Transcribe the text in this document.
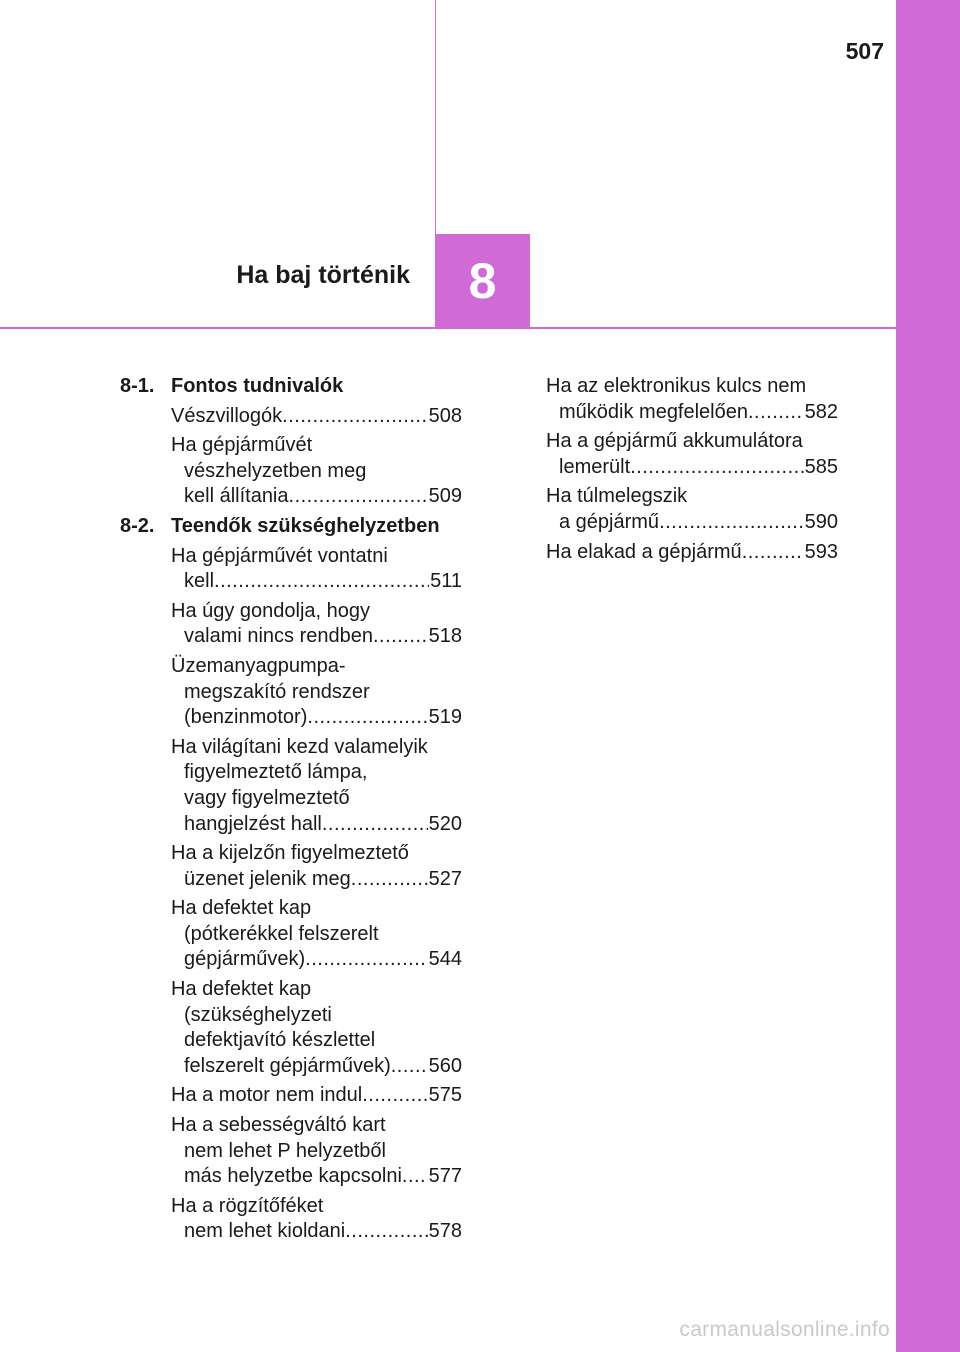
507
Ha baj történik 8
8-1. Fontos tudnivalók
Vészvillogók .....	508
Ha gépjárművét
vészhelyzetben meg
kell állítania .....	509
8-2. Teendők szükséghelyzetben
Ha gépjárművét vontatni
kell .....	511
Ha úgy gondolja, hogy
valami nincs rendben .....	518
Üzemanyagpumpa-
megszakító rendszer
(benzinmotor) .....	519
Ha világítani kezd valamelyik
figyelmeztető lámpa,
vagy figyelmeztető
hangjelzést hall .....	520
Ha a kijelzőn figyelmeztető
üzenet jelenik meg .....	527
Ha defektet kap
(pótkerékkel felszerelt
gépjárművek) .....	544
Ha defektet kap
(szükséghelyzeti
defektjavító készlettel
felszerelt gépjárművek) ..... 560
Ha a motor nem indul .....	575
Ha a sebességváltó kart
nem lehet P helyzetből
más helyzetbe kapcsolni ..... 577
Ha a rögzítőféket
nem lehet kioldani .....	578
Ha az elektronikus kulcs nem
működik megfelelően .....	582
Ha a gépjármű akkumulátora
lemerült .....	585
Ha túlmelegszik
a gépjármű .....	590
Ha elakad a gépjármű .....	593
carmanualsonline.info
